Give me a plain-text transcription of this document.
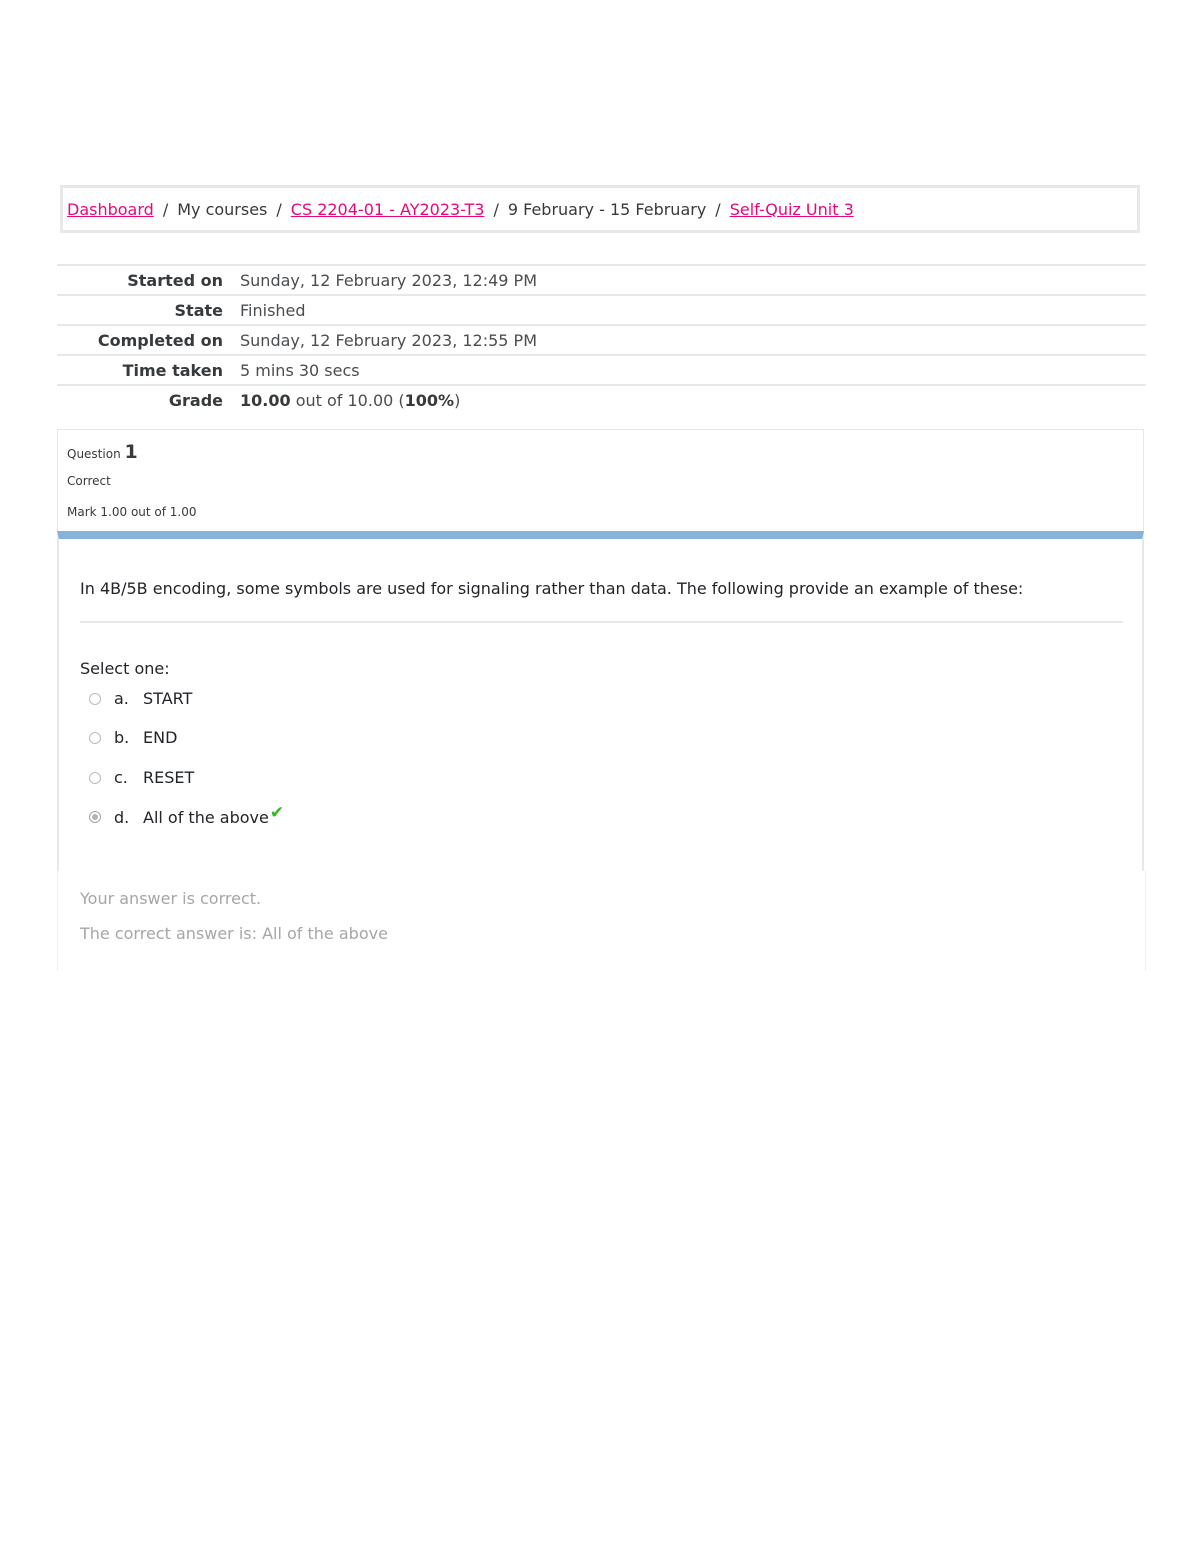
Dashboard / My courses / CS 2204-01 - AY2023-T3 / 9 February - 15 February / Self-Quiz Unit 3
Started on Sunday, 12 February 2023, 12:49 PM
State Finished
Completed on Sunday, 12 February 2023, 12:55 PM
Time taken 5 mins 30 secs
Grade 10.00 out of 10.00 (100%)
Question 1
Correct
Mark 1.00 out of 1.00
In 4B/5B encoding, some symbols are used for signaling rather than data. The following provide an example of these:
Select one:
a. START
b. END
c. RESET
d. All of the above ✔
Your answer is correct.
The correct answer is: All of the above
